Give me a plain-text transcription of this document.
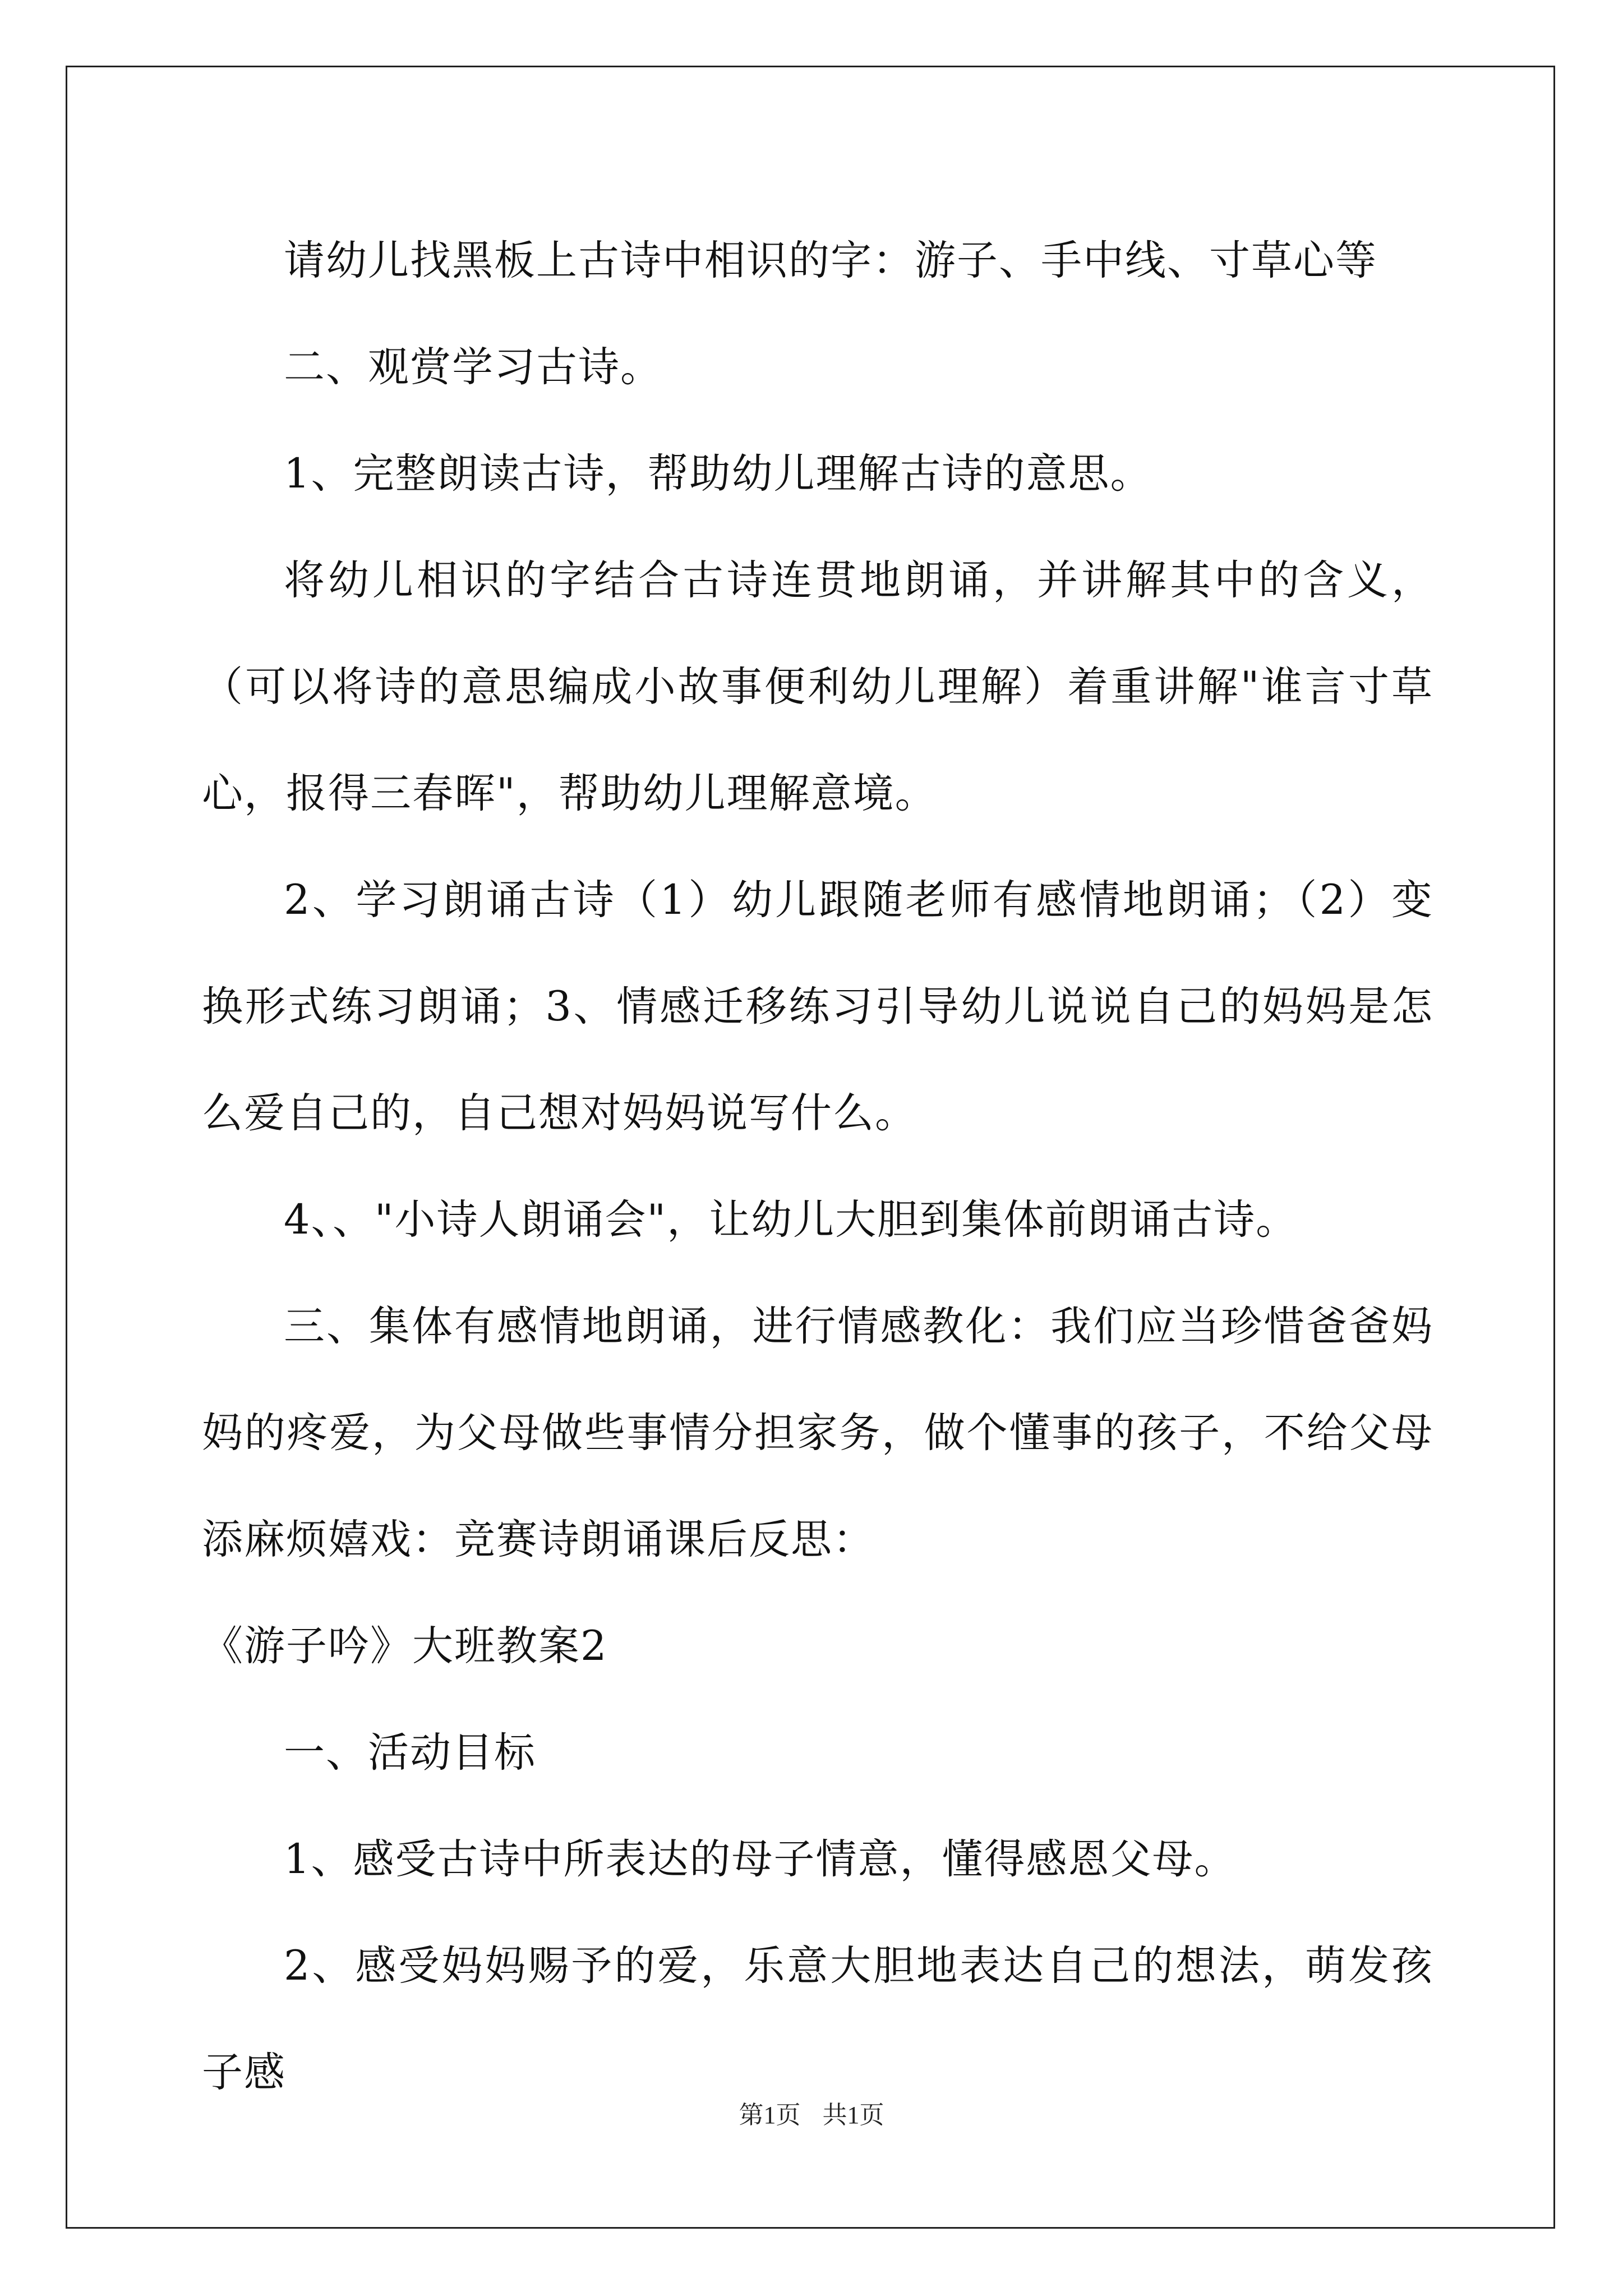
请幼儿找黑板上古诗中相识的字：游子、手中线、寸草心等

二、观赏学习古诗。

1、完整朗读古诗，帮助幼儿理解古诗的意思。

将幼儿相识的字结合古诗连贯地朗诵，并讲解其中的含义，（可以将诗的意思编成小故事便利幼儿理解）着重讲解"谁言寸草心，报得三春晖"，帮助幼儿理解意境。

2、学习朗诵古诗（1）幼儿跟随老师有感情地朗诵；（2）变换形式练习朗诵；3、情感迁移练习引导幼儿说说自己的妈妈是怎么爱自己的，自己想对妈妈说写什么。

4、、"小诗人朗诵会"，让幼儿大胆到集体前朗诵古诗。

三、集体有感情地朗诵，进行情感教化：我们应当珍惜爸爸妈妈的疼爱，为父母做些事情分担家务，做个懂事的孩子，不给父母添麻烦嬉戏：竞赛诗朗诵课后反思：

《游子吟》大班教案2

一、活动目标

1、感受古诗中所表达的母子情意，懂得感恩父母。

2、感受妈妈赐予的爱，乐意大胆地表达自己的想法，萌发孩子感

第1页 共1页
